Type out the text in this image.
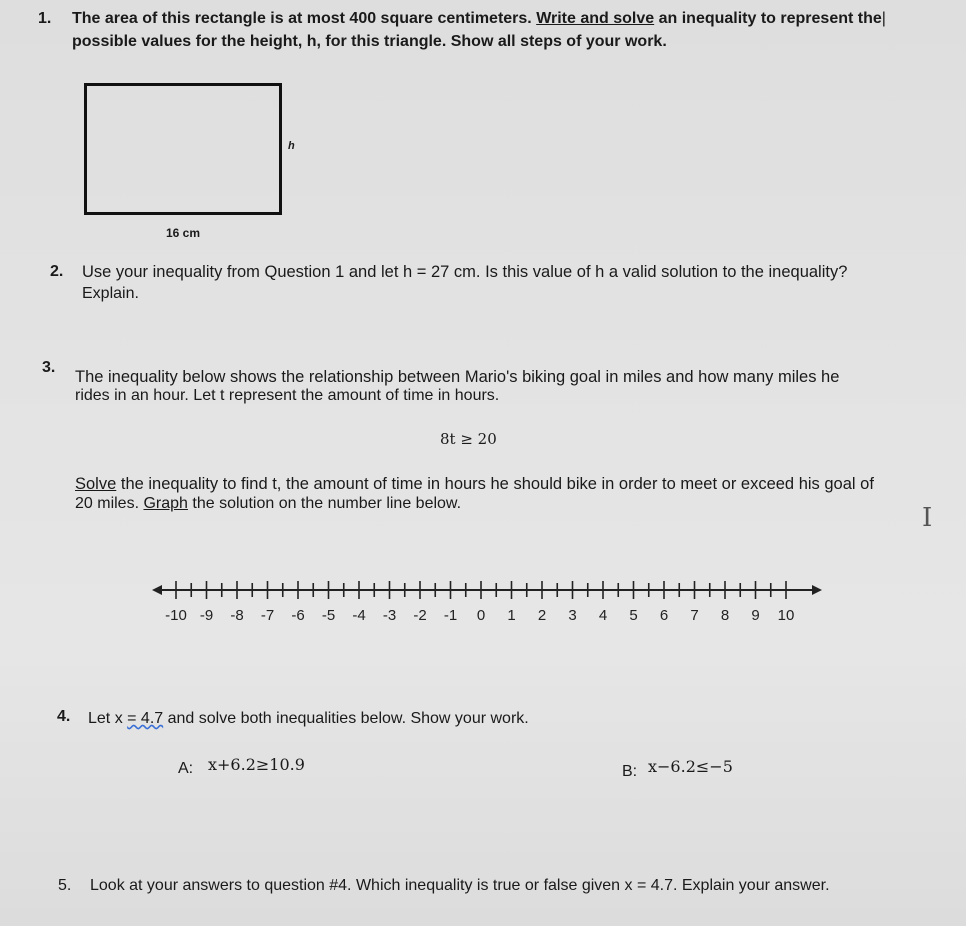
1. The area of this rectangle is at most 400 square centimeters. Write and solve an inequality to represent the|
possible values for the height, h, for this triangle. Show all steps of your work.
h
16 cm
2. Use your inequality from Question 1 and let h = 27 cm. Is this value of h a valid solution to the inequality?
Explain.
3.
The inequality below shows the relationship between Mario's biking goal in miles and how many miles he
rides in an hour. Let t represent the amount of time in hours.
8t ≥ 20
Solve the inequality to find t, the amount of time in hours he should bike in order to meet or exceed his goal of
20 miles. Graph the solution on the number line below.	I
-10 -9 -8 -7 -6 -5 -4 -3 -2 -1 0 1 2 3 4 5 6 7 8 9 10
4. Let x = 4.7 and solve both inequalities below. Show your work.
A: x+6.2≥10.9	B: x−6.2≤−5
5. Look at your answers to question #4. Which inequality is true or false given x = 4.7. Explain your answer.
